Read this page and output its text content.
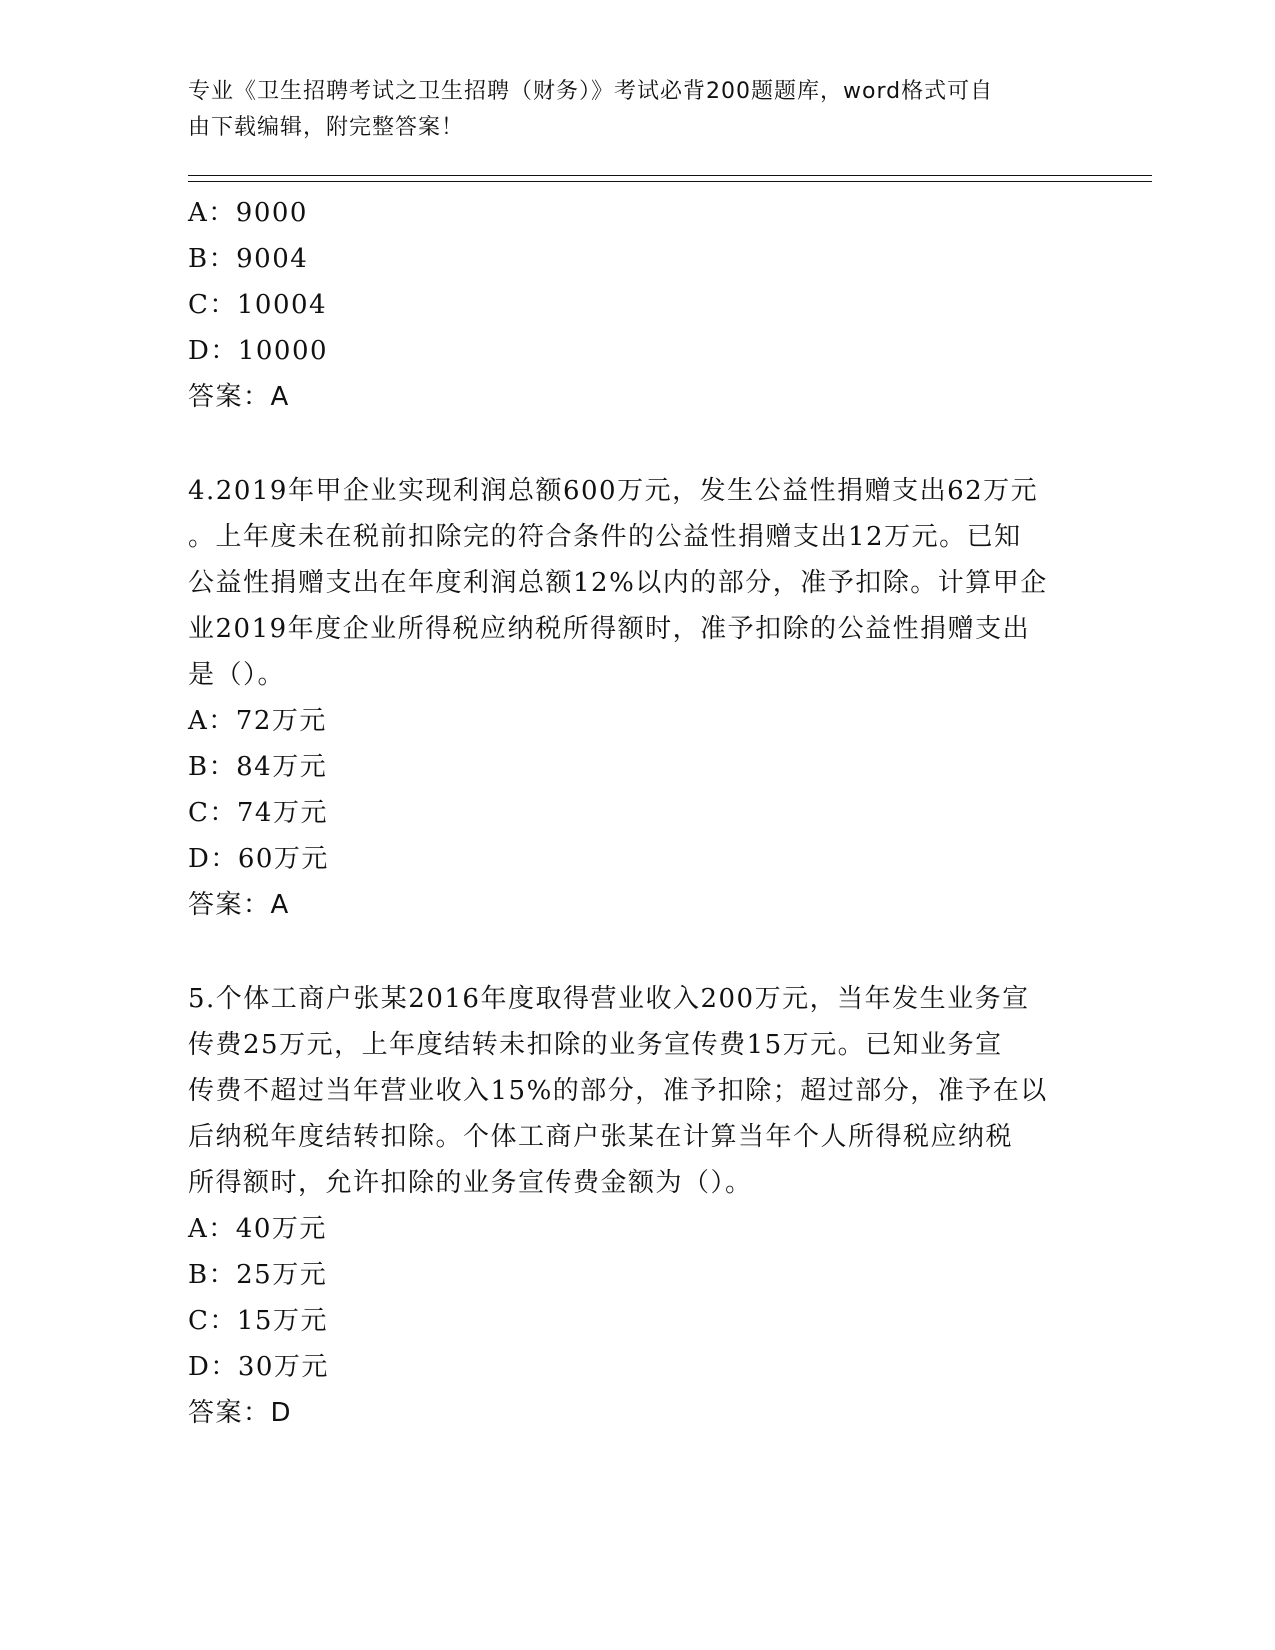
专业《卫生招聘考试之卫生招聘（财务）》考试必背200题题库，word格式可自
由下载编辑，附完整答案！
A：9000
B：9004
C：10004
D：10000
答案：A
4.2019年甲企业实现利润总额600万元，发生公益性捐赠支出62万元
。上年度未在税前扣除完的符合条件的公益性捐赠支出12万元。已知
公益性捐赠支出在年度利润总额12%以内的部分，准予扣除。计算甲企
业2019年度企业所得税应纳税所得额时，准予扣除的公益性捐赠支出
是（）。
A：72万元
B：84万元
C：74万元
D：60万元
答案：A
5.个体工商户张某2016年度取得营业收入200万元，当年发生业务宣
传费25万元，上年度结转未扣除的业务宣传费15万元。已知业务宣
传费不超过当年营业收入15%的部分，准予扣除；超过部分，准予在以
后纳税年度结转扣除。个体工商户张某在计算当年个人所得税应纳税
所得额时，允许扣除的业务宣传费金额为（）。
A：40万元
B：25万元
C：15万元
D：30万元
答案：D
